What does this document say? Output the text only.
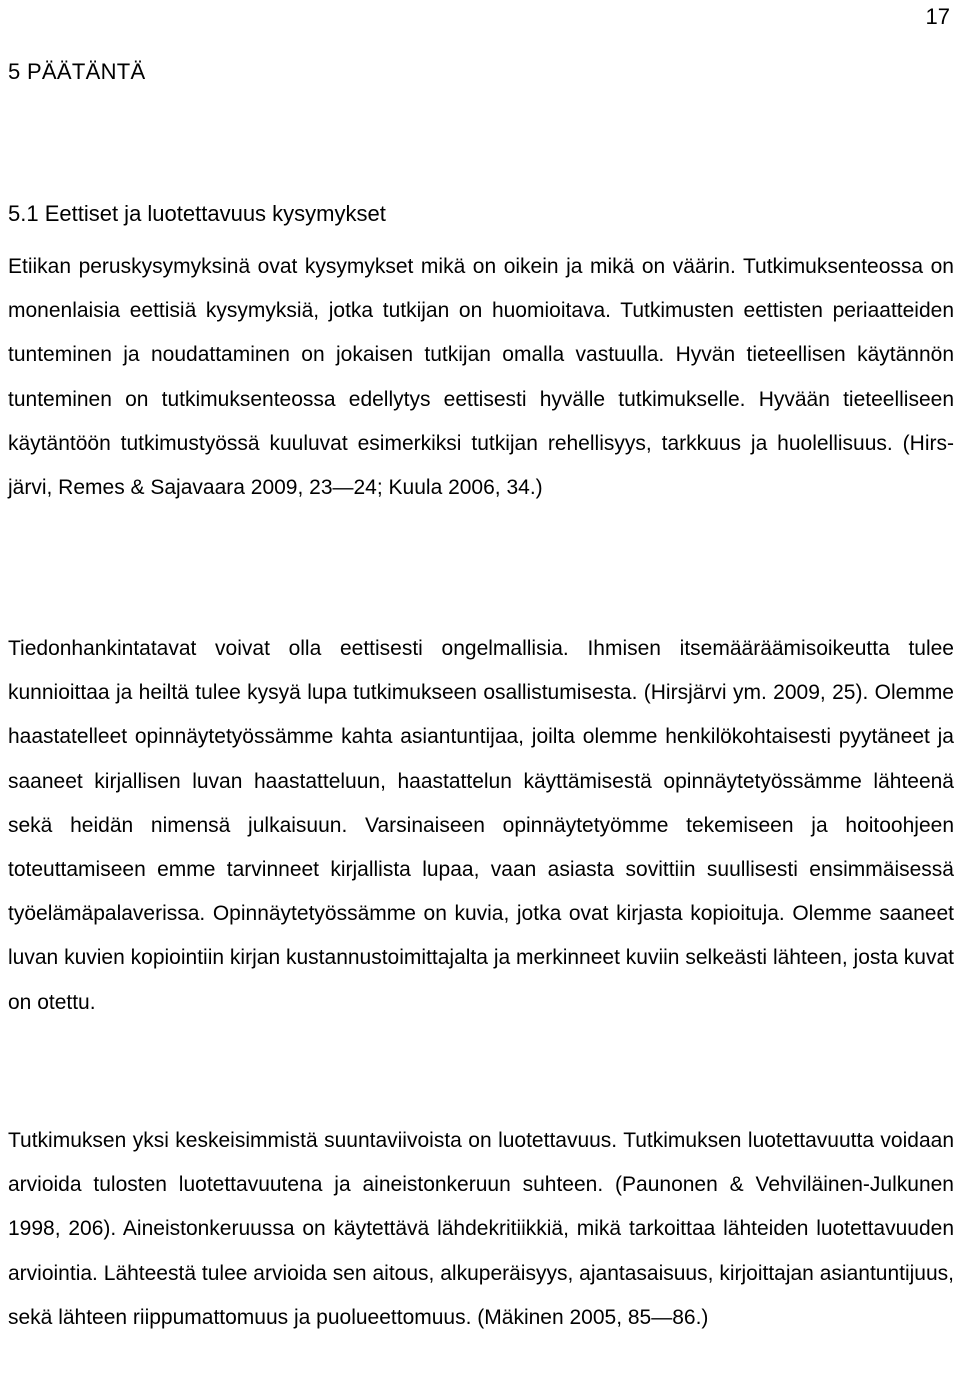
17
5 PÄÄTÄNTÄ
5.1 Eettiset ja luotettavuus kysymykset

Etiikan peruskysymyksinä ovat kysymykset mikä on oikein ja mikä on väärin. Tutkimuksenteossa on monenlaisia eettisiä kysymyksiä, jotka tutkijan on huomioitava. Tutkimusten eettisten periaatteiden tunteminen ja noudattaminen on jokaisen tutkijan omalla vastuulla. Hyvän tieteellisen käytännön tunteminen on tutkimuksenteossa edellytys eettisesti hyvälle tutkimukselle. Hyvään tieteelliseen käytäntöön tutkimustyössä kuuluvat esimerkiksi tutkijan rehellisyys, tarkkuus ja huolellisuus. (Hirsjärvi, Remes & Sajavaara 2009, 23—24; Kuula 2006, 34.)

Tiedonhankintatavat voivat olla eettisesti ongelmallisia. Ihmisen itsemääräämisoikeutta tulee kunnioittaa ja heiltä tulee kysyä lupa tutkimukseen osallistumisesta. (Hirsjärvi ym. 2009, 25). Olemme haastatelleet opinnäytetyössämme kahta asiantuntijaa, joilta olemme henkilökohtaisesti pyytäneet ja saaneet kirjallisen luvan haastatteluun, haastattelun käyttämisestä opinnäytetyössämme lähteenä sekä heidän nimensä julkaisuun. Varsinaiseen opinnäytetyömme tekemiseen ja hoitoohjeen toteuttamiseen emme tarvinneet kirjallista lupaa, vaan asiasta sovittiin suullisesti ensimmäisessä työelämäpalaverissa. Opinnäytetyössämme on kuvia, jotka ovat kirjasta kopioituja. Olemme saaneet luvan kuvien kopiointiin kirjan kustannustoimittajalta ja merkinneet kuviin selkeästi lähteen, josta kuvat on otettu.

Tutkimuksen yksi keskeisimmistä suuntaviivoista on luotettavuus. Tutkimuksen luotettavuutta voidaan arvioida tulosten luotettavuutena ja aineistonkeruun suhteen. (Paunonen & Vehviläinen-Julkunen 1998, 206). Aineistonkeruussa on käytettävä lähdekritiikkiä, mikä tarkoittaa lähteiden luotettavuuden arviointia. Lähteestä tulee arvioida sen aitous, alkuperäisyys, ajantasaisuus, kirjoittajan asiantuntijuus, sekä lähteen riippumattomuus ja puolueettomuus. (Mäkinen 2005, 85—86.)
